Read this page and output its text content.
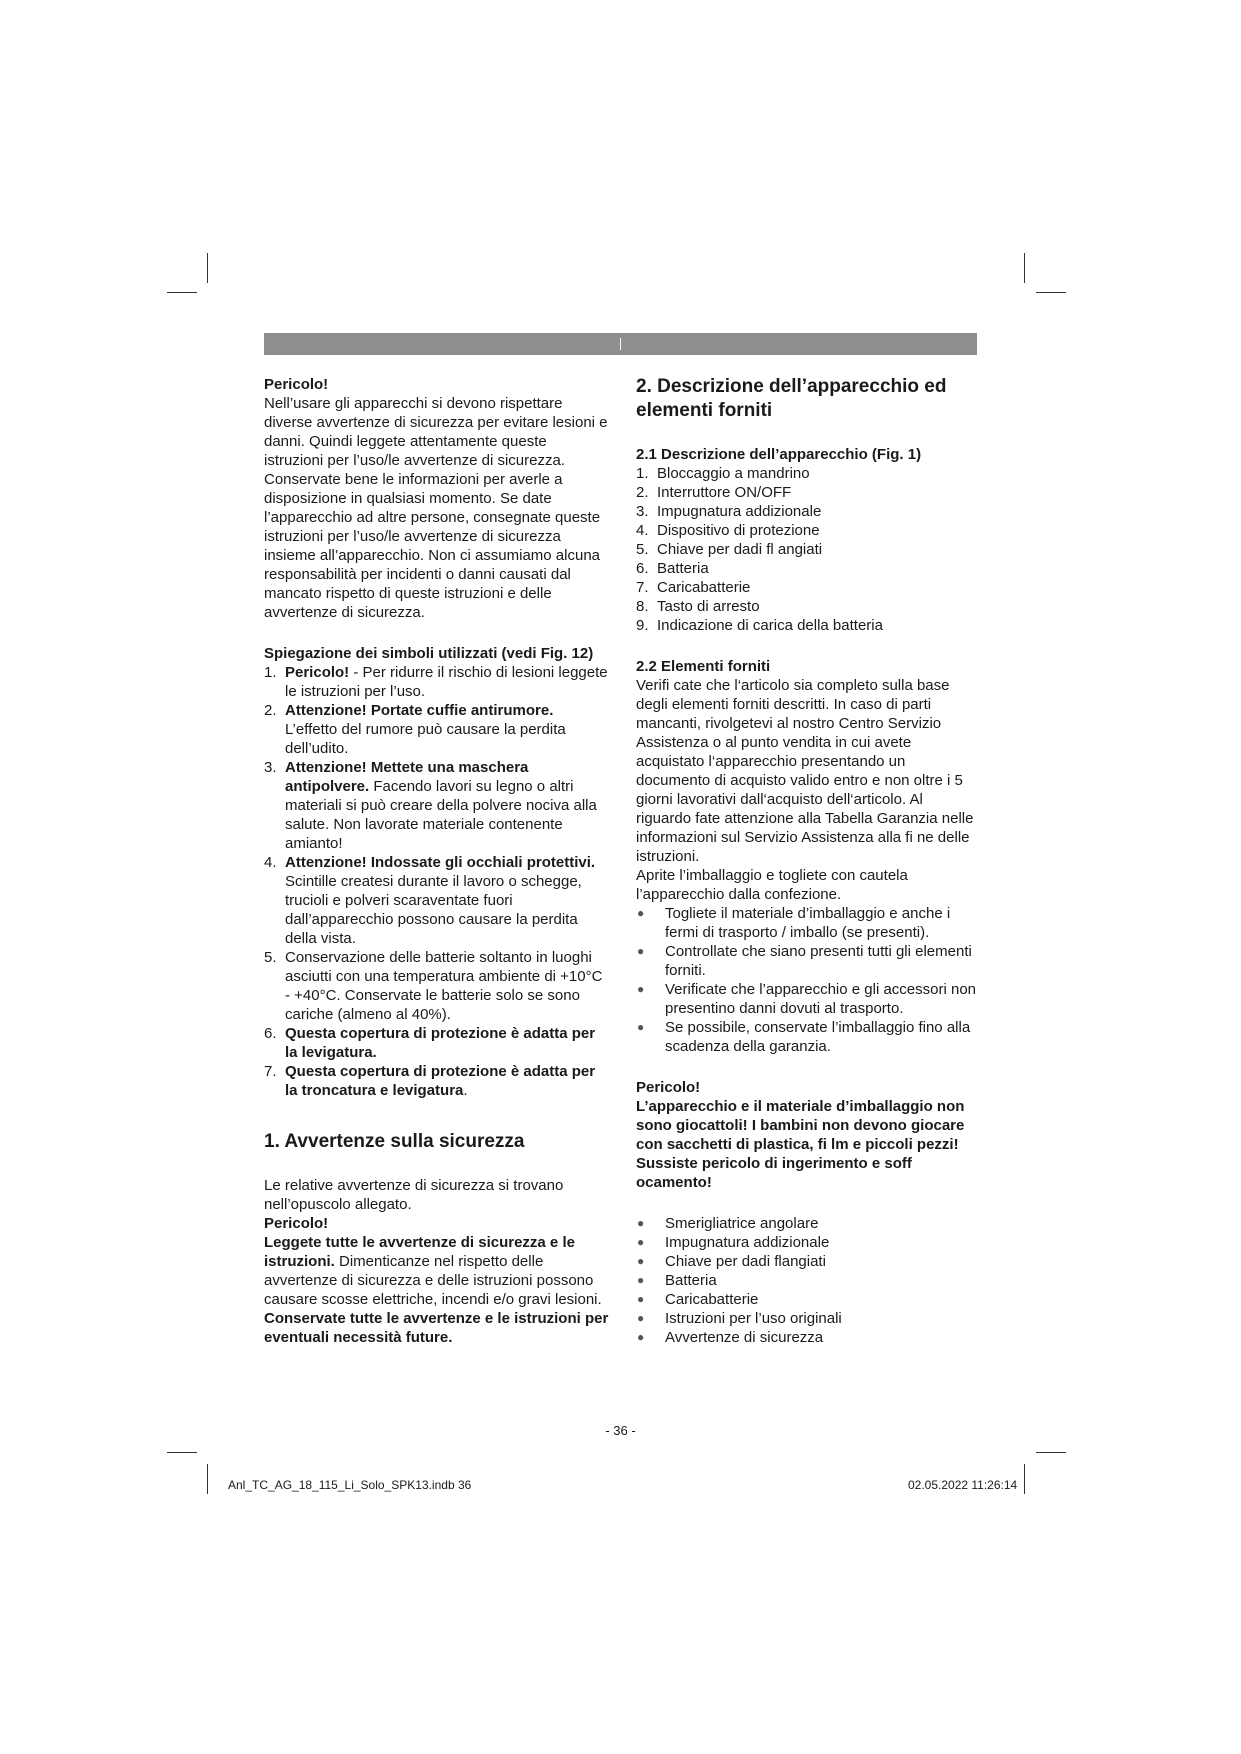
Pericolo!

Nell’usare gli apparecchi si devono rispettare diverse avvertenze di sicurezza per evitare lesioni e danni. Quindi leggete attentamente queste istruzioni per l’uso/le avvertenze di sicurezza. Conservate bene le informazioni per averle a disposizione in qualsiasi momento. Se date l’apparecchio ad altre persone, consegnate queste istruzioni per l’uso/le avvertenze di sicurezza insieme all’apparecchio. Non ci assumiamo alcuna responsabilità per incidenti o danni causati dal mancato rispetto di queste istruzioni e delle avvertenze di sicurezza.

Spiegazione dei simboli utilizzati (vedi Fig. 12)
1. Pericolo! - Per ridurre il rischio di lesioni leggete le istruzioni per l’uso.
2. Attenzione! Portate cuffie antirumore. L’effetto del rumore può causare la perdita dell’udito.
3. Attenzione! Mettete una maschera antipolvere. Facendo lavori su legno o altri materiali si può creare della polvere nociva alla salute. Non lavorate materiale contenente amianto!
4. Attenzione! Indossate gli occhiali protettivi. Scintille createsi durante il lavoro o schegge, trucioli e polveri scaraventate fuori dall’apparecchio possono causare la perdita della vista.
5. Conservazione delle batterie soltanto in luoghi asciutti con una temperatura ambiente di +10°C - +40°C. Conservate le batterie solo se sono cariche (almeno al 40%).
6. Questa copertura di protezione è adatta per la levigatura.
7. Questa copertura di protezione è adatta per la troncatura e levigatura.
1. Avvertenze sulla sicurezza

Le relative avvertenze di sicurezza si trovano nell’opuscolo allegato.

Pericolo!

Leggete tutte le avvertenze di sicurezza e le istruzioni. Dimenticanze nel rispetto delle avvertenze di sicurezza e delle istruzioni possono causare scosse elettriche, incendi e/o gravi lesioni.

Conservate tutte le avvertenze e le istruzioni per eventuali necessità future.

2. Descrizione dell’apparecchio ed elementi forniti
2.1 Descrizione dell’apparecchio (Fig. 1)
1. Bloccaggio a mandrino
2. Interruttore ON/OFF
3. Impugnatura addizionale
4. Dispositivo di protezione
5. Chiave per dadi fl angiati
6. Batteria
7. Caricabatterie
8. Tasto di arresto
9. Indicazione di carica della batteria
2.2 Elementi forniti

Verifi cate che l‘articolo sia completo sulla base degli elementi forniti descritti. In caso di parti mancanti, rivolgetevi al nostro Centro Servizio Assistenza o al punto vendita in cui avete acquistato l‘apparecchio presentando un documento di acquisto valido entro e non oltre i 5 giorni lavorativi dall‘acquisto dell‘articolo. Al riguardo fate attenzione alla Tabella Garanzia nelle informazioni sul Servizio Assistenza alla fi ne delle istruzioni.

Aprite l’imballaggio e togliete con cautela l’apparecchio dalla confezione.

●	Togliete il materiale d’imballaggio e anche i fermi di trasporto / imballo (se presenti).
●	Controllate che siano presenti tutti gli elementi forniti.
●	Verificate che l’apparecchio e gli accessori non presentino danni dovuti al trasporto.
●	Se possibile, conservate l’imballaggio fino alla scadenza della garanzia.

Pericolo!

L’apparecchio e il materiale d’imballaggio non sono giocattoli! I bambini non devono giocare con sacchetti di plastica, fi lm e piccoli pezzi! Sussiste pericolo di ingerimento e soff ocamento!

●	Smerigliatrice angolare
●	Impugnatura addizionale
●	Chiave per dadi flangiati
●	Batteria
●	Caricabatterie
●	Istruzioni per l’uso originali
●	Avvertenze di sicurezza
- 36 -
Anl_TC_AG_18_115_Li_Solo_SPK13.indb 36	02.05.2022 11:26:14
